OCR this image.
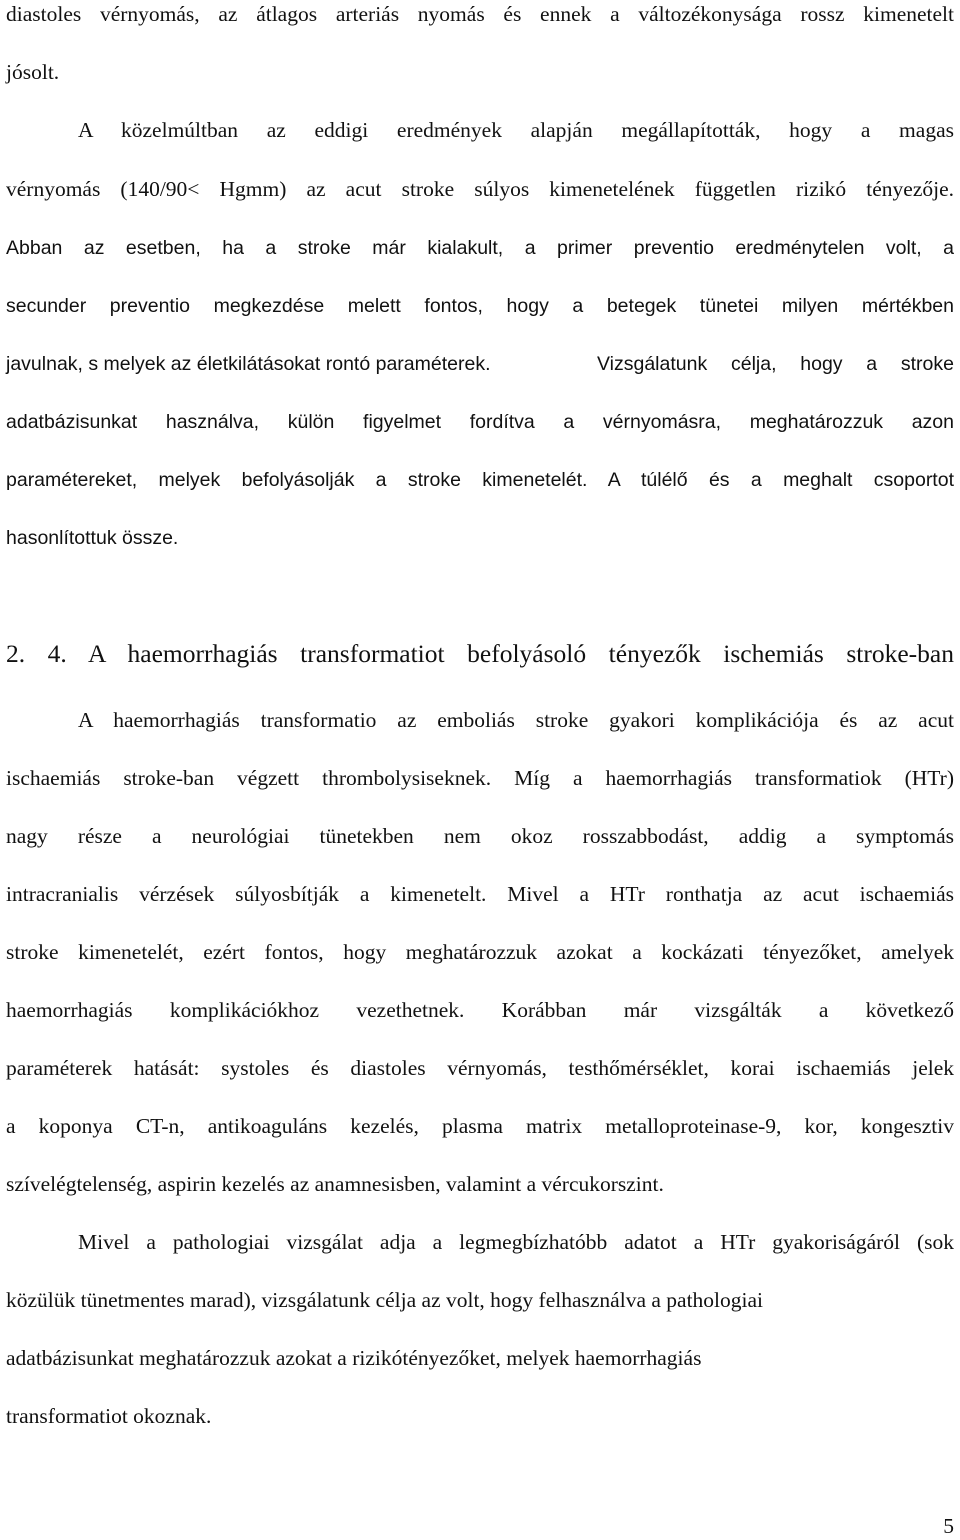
diastoles vérnyomás, az átlagos arteriás nyomás és ennek a változékonysága rossz kimenetelt
jósolt.
A közelmúltban az eddigi eredmények alapján megállapították, hogy a magas
vérnyomás (140/90< Hgmm) az acut stroke súlyos kimenetelének független rizikó tényezője.
Abban az esetben, ha a stroke már kialakult, a primer preventio eredménytelen volt, a
secunder preventio megkezdése melett fontos, hogy a betegek tünetei milyen mértékben
javulnak, s melyek az életkilátásokat rontó paraméterek.	Vizsgálatunk célja, hogy a stroke
adatbázisunkat használva, külön figyelmet fordítva a vérnyomásra, meghatározzuk azon
paramétereket, melyek befolyásolják a stroke kimenetelét. A túlélő és a meghalt csoportot
hasonlítottuk össze.
2. 4. A haemorrhagiás transformatiot befolyásoló tényezők ischemiás stroke-ban
A haemorrhagiás transformatio az emboliás stroke gyakori komplikációja és az acut
ischaemiás stroke-ban végzett thrombolysiseknek. Míg a haemorrhagiás transformatiok (HTr)
nagy része a neurológiai tünetekben nem okoz rosszabbodást, addig a symptomás
intracranialis vérzések súlyosbítják a kimenetelt. Mivel a HTr ronthatja az acut ischaemiás
stroke kimenetelét, ezért fontos, hogy meghatározzuk azokat a kockázati tényezőket, amelyek
haemorrhagiás komplikációkhoz vezethetnek. Korábban már vizsgálták a következő
paraméterek hatását: systoles és diastoles vérnyomás, testhőmérséklet, korai ischaemiás jelek
a koponya CT-n, antikoaguláns kezelés, plasma matrix metalloproteinase-9, kor, kongesztiv
szívelégtelenség, aspirin kezelés az anamnesisben, valamint a vércukorszint.
Mivel a pathologiai vizsgálat adja a legmegbízhatóbb adatot a HTr gyakoriságáról (sok
közülük tünetmentes marad), vizsgálatunk célja az volt, hogy felhasználva a pathologiai
adatbázisunkat meghatározzuk azokat a rizikótényezőket, melyek haemorrhagiás
transformatiot okoznak.
5
